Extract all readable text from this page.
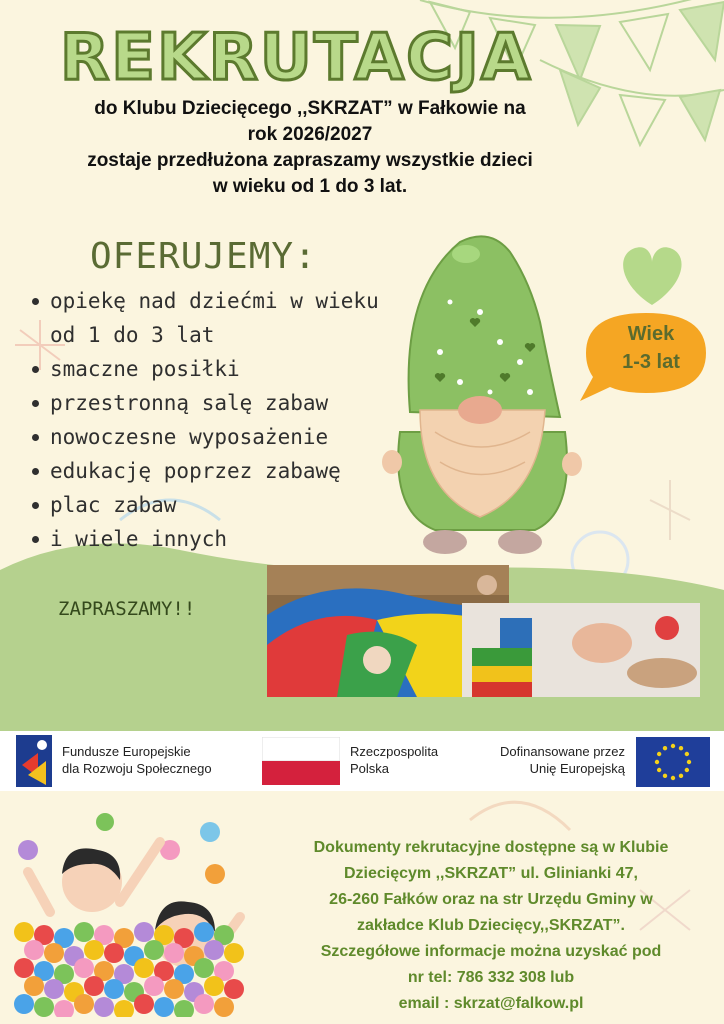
REKRUTACJA
do Klubu Dziecięcego ,,SKRZAT” w Fałkowie na
rok 2026/2027
zostaje przedłużona zapraszamy wszystkie dzieci
w wieku od 1 do 3 lat.
OFERUJEMY:
opiekę nad dziećmi w wieku
od 1 do 3 lat
smaczne posiłki
przestronną salę zabaw
nowoczesne wyposażenie
edukację poprzez zabawę
plac zabaw
i wiele innych
Wiek
1-3 lat
ZAPRASZAMY!!
Fundusze Europejskie
dla Rozwoju Społecznego
Rzeczpospolita
Polska
Dofinansowane przez
Unię Europejską
Dokumenty rekrutacyjne dostępne są w Klubie
Dziecięcym ,,SKRZAT” ul. Glinianki 47,
26-260 Fałków oraz na str Urzędu Gminy w
zakładce Klub Dziecięcy,,SKRZAT”.
Szczegółowe informacje można uzyskać pod
nr tel: 786 332 308 lub
email : skrzat@falkow.pl
